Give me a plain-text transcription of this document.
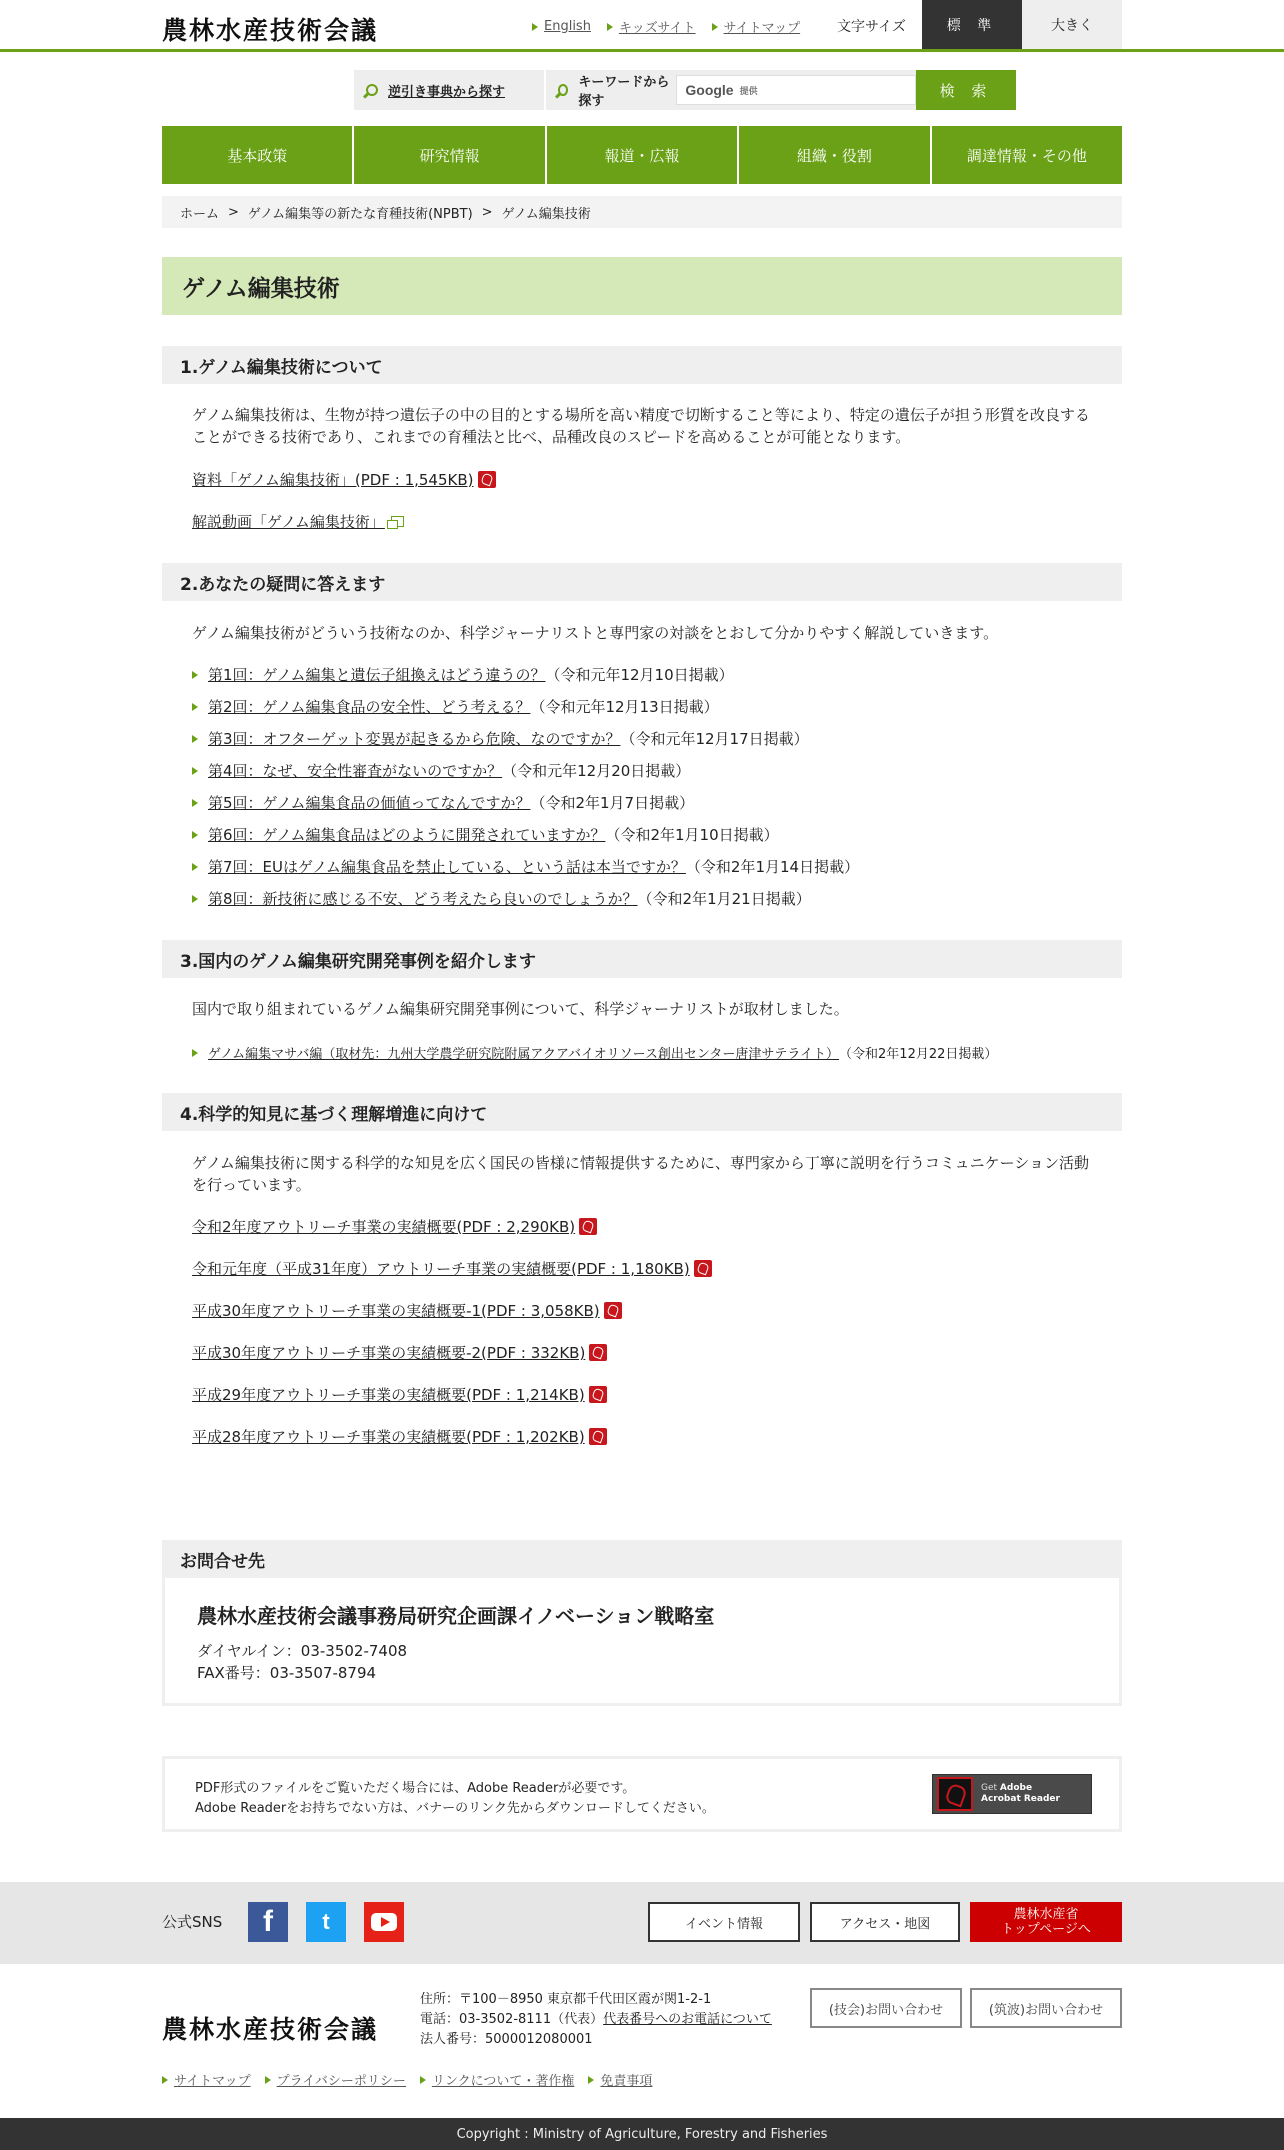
農林水産技術会議	English キッズサイト サイトマップ	文字サイズ	標 準	大きく
逆引き事典から探す
キーワードから探す
Google 提供	検 索
基本政策	研究情報	報道・広報	組織・役割	調達情報・その他
ホーム > ゲノム編集等の新たな育種技術(NPBT) > ゲノム編集技術
ゲノム編集技術
1.ゲノム編集技術について

ゲノム編集技術は、生物が持つ遺伝子の中の目的とする場所を高い精度で切断すること等により、特定の遺伝子が担う形質を改良することができる技術であり、これまでの育種法と比べ、品種改良のスピードを高めることが可能となります。

資料「ゲノム編集技術」(PDF : 1,545KB)
解説動画「ゲノム編集技術」
2.あなたの疑問に答えます

ゲノム編集技術がどういう技術なのか、科学ジャーナリストと専門家の対談をとおして分かりやすく解説していきます。

第1回：ゲノム編集と遺伝子組換えはどう違うの？ （令和元年12月10日掲載）
第2回：ゲノム編集食品の安全性、どう考える？ （令和元年12月13日掲載）
第3回：オフターゲット変異が起きるから危険、なのですか？ （令和元年12月17日掲載）
第4回：なぜ、安全性審査がないのですか？ （令和元年12月20日掲載）
第5回：ゲノム編集食品の価値ってなんですか？ （令和2年1月7日掲載）
第6回：ゲノム編集食品はどのように開発されていますか？ （令和2年1月10日掲載）
第7回：EUはゲノム編集食品を禁止している、という話は本当ですか？ （令和2年1月14日掲載）
第8回：新技術に感じる不安、どう考えたら良いのでしょうか？ （令和2年1月21日掲載）
3.国内のゲノム編集研究開発事例を紹介します

国内で取り組まれているゲノム編集研究開発事例について、科学ジャーナリストが取材しました。

ゲノム編集マサバ編（取材先：九州大学農学研究院附属アクアバイオリソース創出センター唐津サテライト） （令和2年12月22日掲載）
4.科学的知見に基づく理解増進に向けて

ゲノム編集技術に関する科学的な知見を広く国民の皆様に情報提供するために、専門家から丁寧に説明を行うコミュニケーション活動を行っています。

令和2年度アウトリーチ事業の実績概要(PDF : 2,290KB)
令和元年度（平成31年度）アウトリーチ事業の実績概要(PDF : 1,180KB)
平成30年度アウトリーチ事業の実績概要-1(PDF : 3,058KB)
平成30年度アウトリーチ事業の実績概要-2(PDF : 332KB)
平成29年度アウトリーチ事業の実績概要(PDF : 1,214KB)
平成28年度アウトリーチ事業の実績概要(PDF : 1,202KB)
お問合せ先
農林水産技術会議事務局研究企画課イノベーション戦略室
ダイヤルイン：03-3502-7408
FAX番号：03-3507-8794
PDF形式のファイルをご覧いただく場合には、Adobe Readerが必要です。
Adobe Readerをお持ちでない方は、バナーのリンク先からダウンロードしてください。
Get Adobe
Acrobat Reader
公式SNS	f	t	イベント情報	アクセス・地図
農林水産省
トップページへ
農林水産技術会議
住所：〒100－8950 東京都千代田区霞が関1-2-1
電話：03-3502-8111（代表）代表番号へのお電話について
法人番号：5000012080001
(技会)お問い合わせ	(筑波)お問い合わせ
サイトマップ プライバシーポリシー リンクについて・著作権 免責事項
Copyright : Ministry of Agriculture, Forestry and Fisheries
